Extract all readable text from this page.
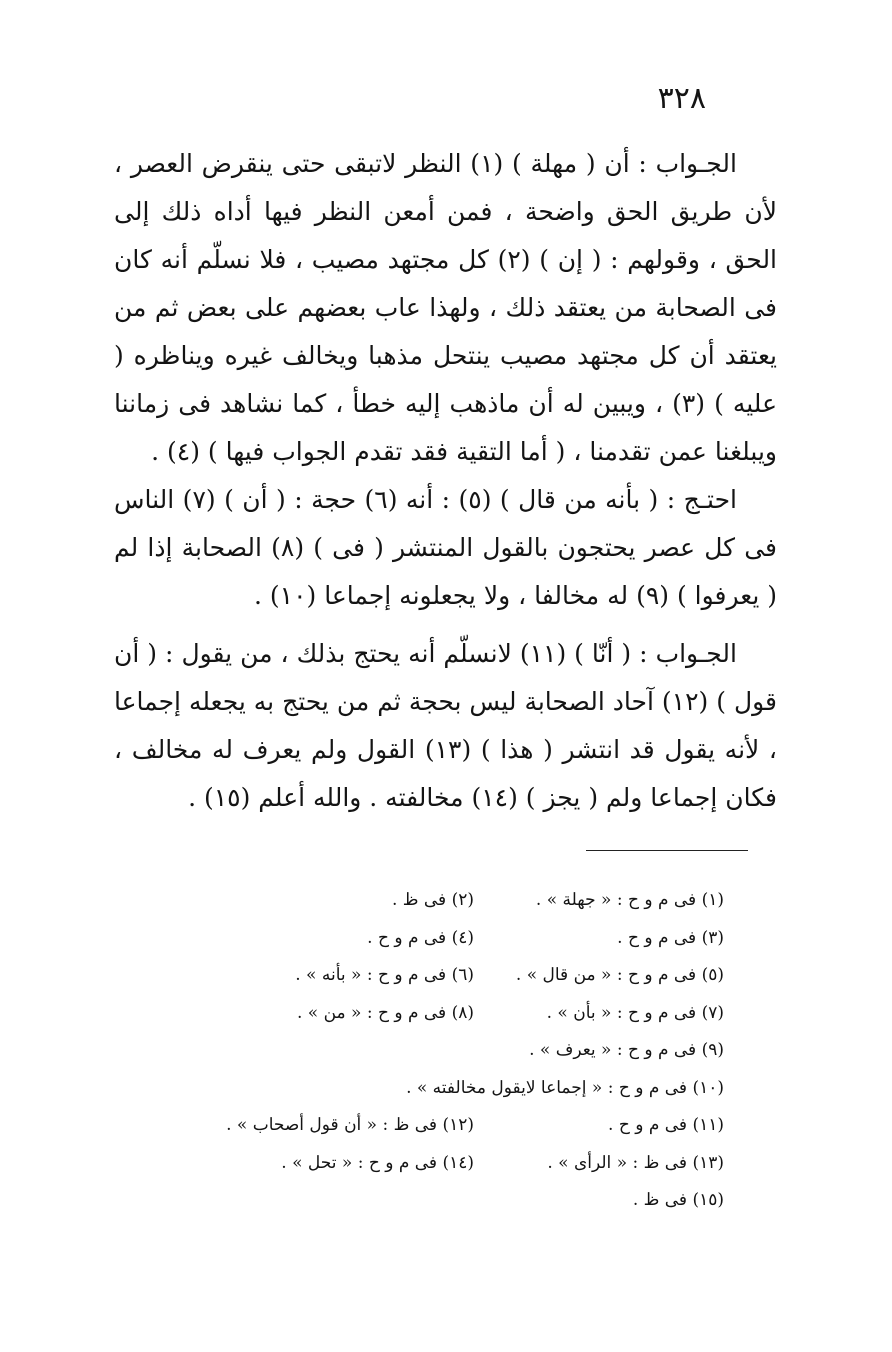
٣٢٨

الجـواب : أن ( مهلة ) (١) النظر لاتبقى حتى ينقرض العصر ، لأن طريق الحق واضحة ، فمن أمعن النظر فيها أداه ذلك إلى الحق ، وقولهم : ( إن ) (٢) كل مجتهد مصيب ، فلا نسلّم أنه كان فى الصحابة من يعتقد ذلك ، ولهذا عاب بعضهم على بعض ثم من يعتقد أن كل مجتهد مصيب ينتحل مذهبا ويخالف غيره ويناظره ( عليه ) (٣) ، ويبين له أن ماذهب إليه خطأ ، كما نشاهد فى زماننا ويبلغنا عمن تقدمنا ، ( أما التقية فقد تقدم الجواب فيها ) (٤) .

احتـج : ( بأنه من قال ) (٥) : أنه (٦) حجة : ( أن ) (٧) الناس فى كل عصر يحتجون بالقول المنتشر ( فى ) (٨) الصحابة إذا لم ( يعرفوا ) (٩) له مخالفا ، ولا يجعلونه إجماعا (١٠) .

الجـواب : ( أنّا ) (١١) لانسلّم أنه يحتج بذلك ، من يقول : ( أن قول ) (١٢) آحاد الصحابة ليس بحجة ثم من يحتج به يجعله إجماعا ، لأنه يقول قد انتشر ( هذا ) (١٣) القول ولم يعرف له مخالف ، فكان إجماعا ولم ( يجز ) (١٤) مخالفته . والله أعلم (١٥) .

(١) فى م و ح : « جهلة » .
(٢) فى ظ .
(٣) فى م و ح .
(٤) فى م و ح .
(٥) فى م و ح : « من قال » .
(٦) فى م و ح : « بأنه » .
(٧) فى م و ح : « بأن » .
(٨) فى م و ح : « من » .
(٩) فى م و ح : « يعرف » .
(١٠) فى م و ح : « إجماعا لايقول مخالفته » .
(١١) فى م و ح .
(١٢) فى ظ : « أن قول أصحاب » .
(١٣) فى ظ : « الرأى » .
(١٤) فى م و ح : « تحل » .
(١٥) فى ظ .
